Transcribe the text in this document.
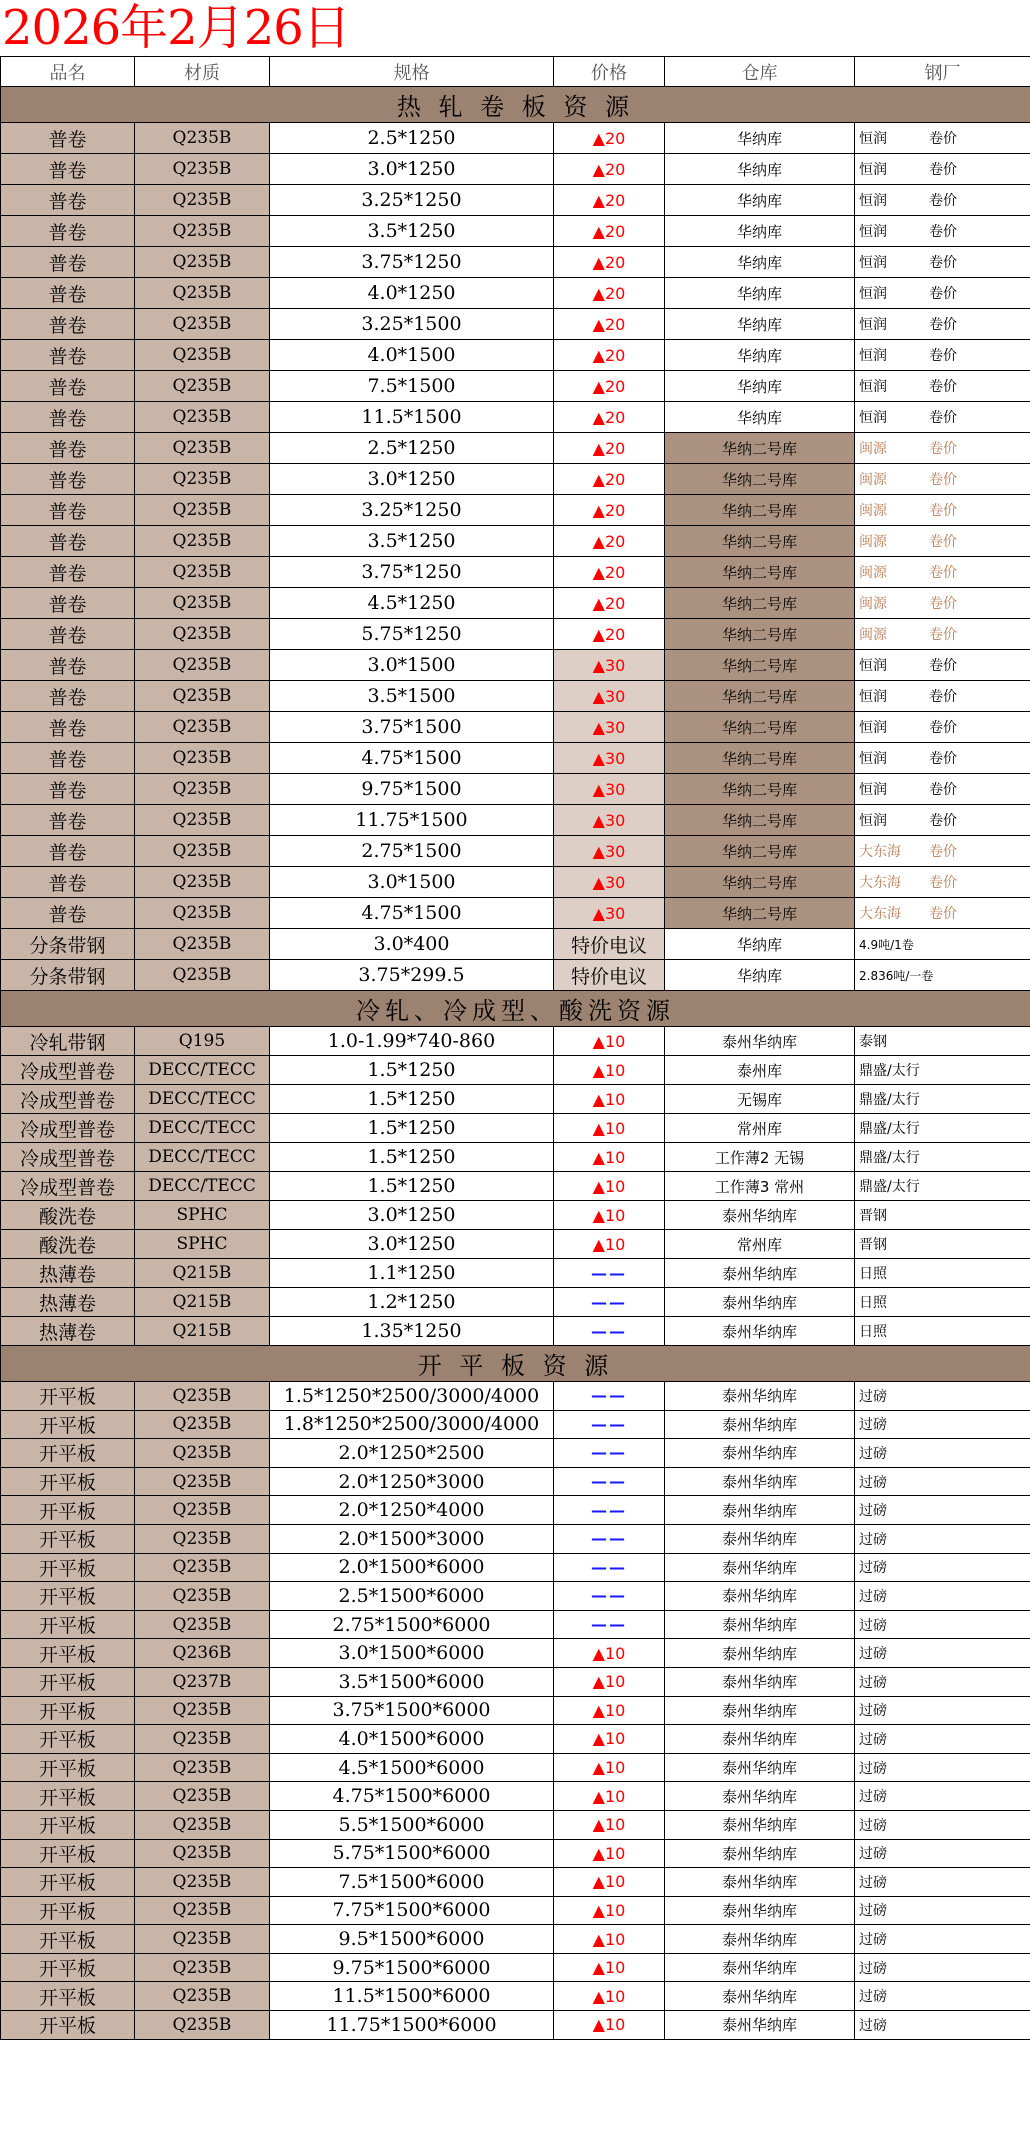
2026年2月26日
品名	材质	规格	价格	仓库	钢厂
热 轧 卷 板 资 源					
普卷	Q235B	2.5*1250	▲20	华纳库	恒润 卷价
普卷	Q235B	3.0*1250	▲20	华纳库	恒润 卷价
普卷	Q235B	3.25*1250	▲20	华纳库	恒润 卷价
普卷	Q235B	3.5*1250	▲20	华纳库	恒润 卷价
普卷	Q235B	3.75*1250	▲20	华纳库	恒润 卷价
普卷	Q235B	4.0*1250	▲20	华纳库	恒润 卷价
普卷	Q235B	3.25*1500	▲20	华纳库	恒润 卷价
普卷	Q235B	4.0*1500	▲20	华纳库	恒润 卷价
普卷	Q235B	7.5*1500	▲20	华纳库	恒润 卷价
普卷	Q235B	11.5*1500	▲20	华纳库	恒润 卷价
普卷	Q235B	2.5*1250	▲20	华纳二号库	闽源 卷价
普卷	Q235B	3.0*1250	▲20	华纳二号库	闽源 卷价
普卷	Q235B	3.25*1250	▲20	华纳二号库	闽源 卷价
普卷	Q235B	3.5*1250	▲20	华纳二号库	闽源 卷价
普卷	Q235B	3.75*1250	▲20	华纳二号库	闽源 卷价
普卷	Q235B	4.5*1250	▲20	华纳二号库	闽源 卷价
普卷	Q235B	5.75*1250	▲20	华纳二号库	闽源 卷价
普卷	Q235B	3.0*1500	▲30	华纳二号库	恒润 卷价
普卷	Q235B	3.5*1500	▲30	华纳二号库	恒润 卷价
普卷	Q235B	3.75*1500	▲30	华纳二号库	恒润 卷价
普卷	Q235B	4.75*1500	▲30	华纳二号库	恒润 卷价
普卷	Q235B	9.75*1500	▲30	华纳二号库	恒润 卷价
普卷	Q235B	11.75*1500	▲30	华纳二号库	恒润 卷价
普卷	Q235B	2.75*1500	▲30	华纳二号库	大东海 卷价
普卷	Q235B	3.0*1500	▲30	华纳二号库	大东海 卷价
普卷	Q235B	4.75*1500	▲30	华纳二号库	大东海 卷价
分条带钢	Q235B	3.0*400	特价电议	华纳库	4.9吨/1卷
分条带钢	Q235B	3.75*299.5	特价电议	华纳库	2.836吨/一卷
冷轧、冷成型、酸洗资源					
冷轧带钢	Q195	1.0-1.99*740-860	▲10	泰州华纳库	泰钢
冷成型普卷	DECC/TECC	1.5*1250	▲10	泰州库	鼎盛/太行
冷成型普卷	DECC/TECC	1.5*1250	▲10	无锡库	鼎盛/太行
冷成型普卷	DECC/TECC	1.5*1250	▲10	常州库	鼎盛/太行
冷成型普卷	DECC/TECC	1.5*1250	▲10	工作薄2 无锡	鼎盛/太行
冷成型普卷	DECC/TECC	1.5*1250	▲10	工作薄3 常州	鼎盛/太行
酸洗卷	SPHC	3.0*1250	▲10	泰州华纳库	晋钢
酸洗卷	SPHC	3.0*1250	▲10	常州库	晋钢
热薄卷	Q215B	1.1*1250	——	泰州华纳库	日照
热薄卷	Q215B	1.2*1250	——	泰州华纳库	日照
热薄卷	Q215B	1.35*1250	——	泰州华纳库	日照
开 平 板 资 源					
开平板	Q235B	1.5*1250*2500/3000/4000	——	泰州华纳库	过磅
开平板	Q235B	1.8*1250*2500/3000/4000	——	泰州华纳库	过磅
开平板	Q235B	2.0*1250*2500	——	泰州华纳库	过磅
开平板	Q235B	2.0*1250*3000	——	泰州华纳库	过磅
开平板	Q235B	2.0*1250*4000	——	泰州华纳库	过磅
开平板	Q235B	2.0*1500*3000	——	泰州华纳库	过磅
开平板	Q235B	2.0*1500*6000	——	泰州华纳库	过磅
开平板	Q235B	2.5*1500*6000	——	泰州华纳库	过磅
开平板	Q235B	2.75*1500*6000	——	泰州华纳库	过磅
开平板	Q236B	3.0*1500*6000	▲10	泰州华纳库	过磅
开平板	Q237B	3.5*1500*6000	▲10	泰州华纳库	过磅
开平板	Q235B	3.75*1500*6000	▲10	泰州华纳库	过磅
开平板	Q235B	4.0*1500*6000	▲10	泰州华纳库	过磅
开平板	Q235B	4.5*1500*6000	▲10	泰州华纳库	过磅
开平板	Q235B	4.75*1500*6000	▲10	泰州华纳库	过磅
开平板	Q235B	5.5*1500*6000	▲10	泰州华纳库	过磅
开平板	Q235B	5.75*1500*6000	▲10	泰州华纳库	过磅
开平板	Q235B	7.5*1500*6000	▲10	泰州华纳库	过磅
开平板	Q235B	7.75*1500*6000	▲10	泰州华纳库	过磅
开平板	Q235B	9.5*1500*6000	▲10	泰州华纳库	过磅
开平板	Q235B	9.75*1500*6000	▲10	泰州华纳库	过磅
开平板	Q235B	11.5*1500*6000	▲10	泰州华纳库	过磅
开平板	Q235B	11.75*1500*6000	▲10	泰州华纳库	过磅
